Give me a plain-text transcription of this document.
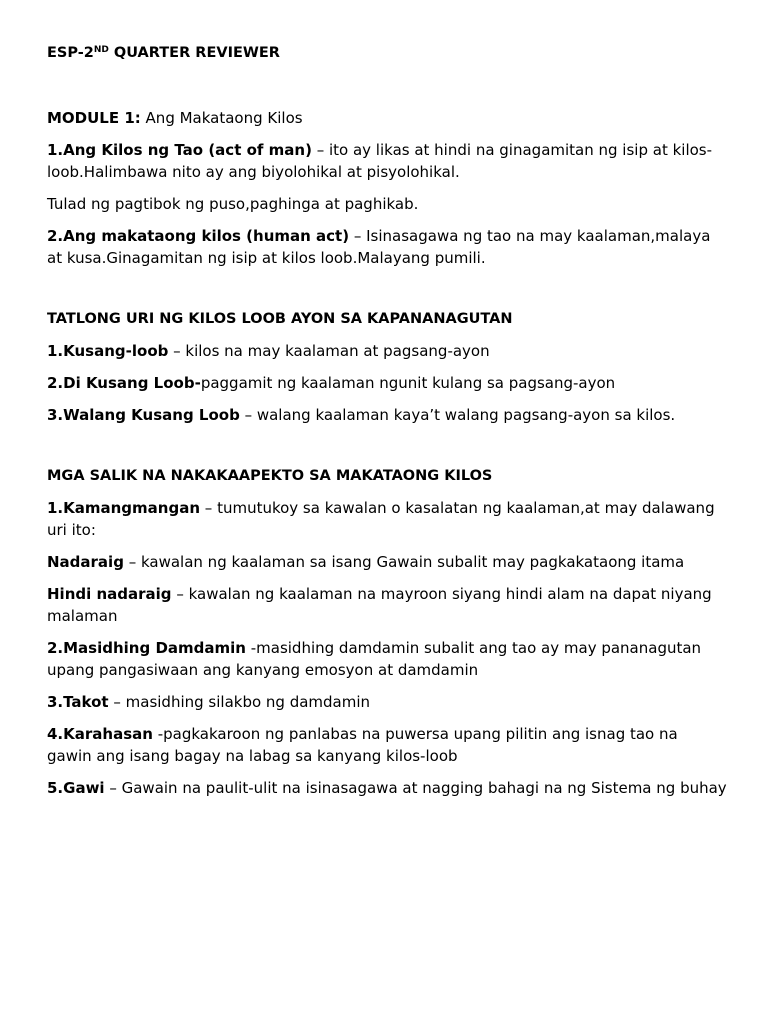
ESP-2ND QUARTER REVIEWER

MODULE 1: Ang Makataong Kilos

1.Ang Kilos ng Tao (act of man) – ito ay likas at hindi na ginagamitan ng isip at kilos-loob.Halimbawa nito ay ang biyolohikal at pisyolohikal.

Tulad ng pagtibok ng puso,paghinga at paghikab.

2.Ang makataong kilos (human act) – Isinasagawa ng tao na may kaalaman,malaya at kusa.Ginagamitan ng isip at kilos loob.Malayang pumili.

TATLONG URI NG KILOS LOOB AYON SA KAPANANAGUTAN

1.Kusang-loob – kilos na may kaalaman at pagsang-ayon

2.Di Kusang Loob-paggamit ng kaalaman ngunit kulang sa pagsang-ayon

3.Walang Kusang Loob – walang kaalaman kaya’t walang pagsang-ayon sa kilos.

MGA SALIK NA NAKAKAAPEKTO SA MAKATAONG KILOS

1.Kamangmangan – tumutukoy sa kawalan o kasalatan ng kaalaman,at may dalawang uri ito:

Nadaraig – kawalan ng kaalaman sa isang Gawain subalit may pagkakataong itama

Hindi nadaraig – kawalan ng kaalaman na mayroon siyang hindi alam na dapat niyang malaman

2.Masidhing Damdamin -masidhing damdamin subalit ang tao ay may pananagutan upang pangasiwaan ang kanyang emosyon at damdamin

3.Takot – masidhing silakbo ng damdamin

4.Karahasan -pagkakaroon ng panlabas na puwersa upang pilitin ang isnag tao na gawin ang isang bagay na labag sa kanyang kilos-loob

5.Gawi – Gawain na paulit-ulit na isinasagawa at nagging bahagi na ng Sistema ng buhay
